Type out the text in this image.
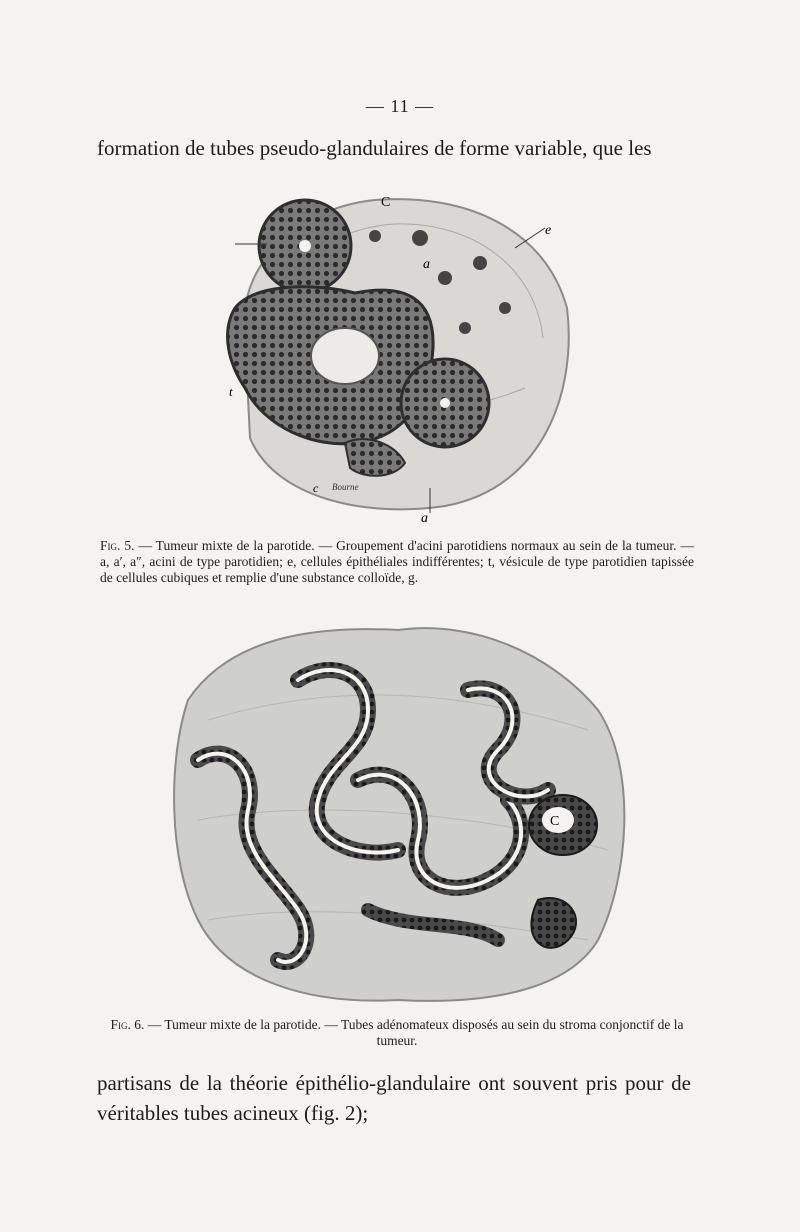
— 11 —

formation de tubes pseudo-glandulaires de forme variable, que les

C
e
a
t
a
c Bourne

Fig. 5. — Tumeur mixte de la parotide. — Groupement d'acini parotidiens normaux au sein de la tumeur. — a, a′, a″, acini de type parotidien; e, cellules épithéliales indifférentes; t, vésicule de type parotidien tapissée de cellules cubiques et remplie d'une substance colloïde, g.

C

Fig. 6. — Tumeur mixte de la parotide. — Tubes adénomateux disposés au sein du stroma conjonctif de la tumeur.

partisans de la théorie épithélio-glandulaire ont souvent pris pour de
véritables tubes acineux (fig. 2);
